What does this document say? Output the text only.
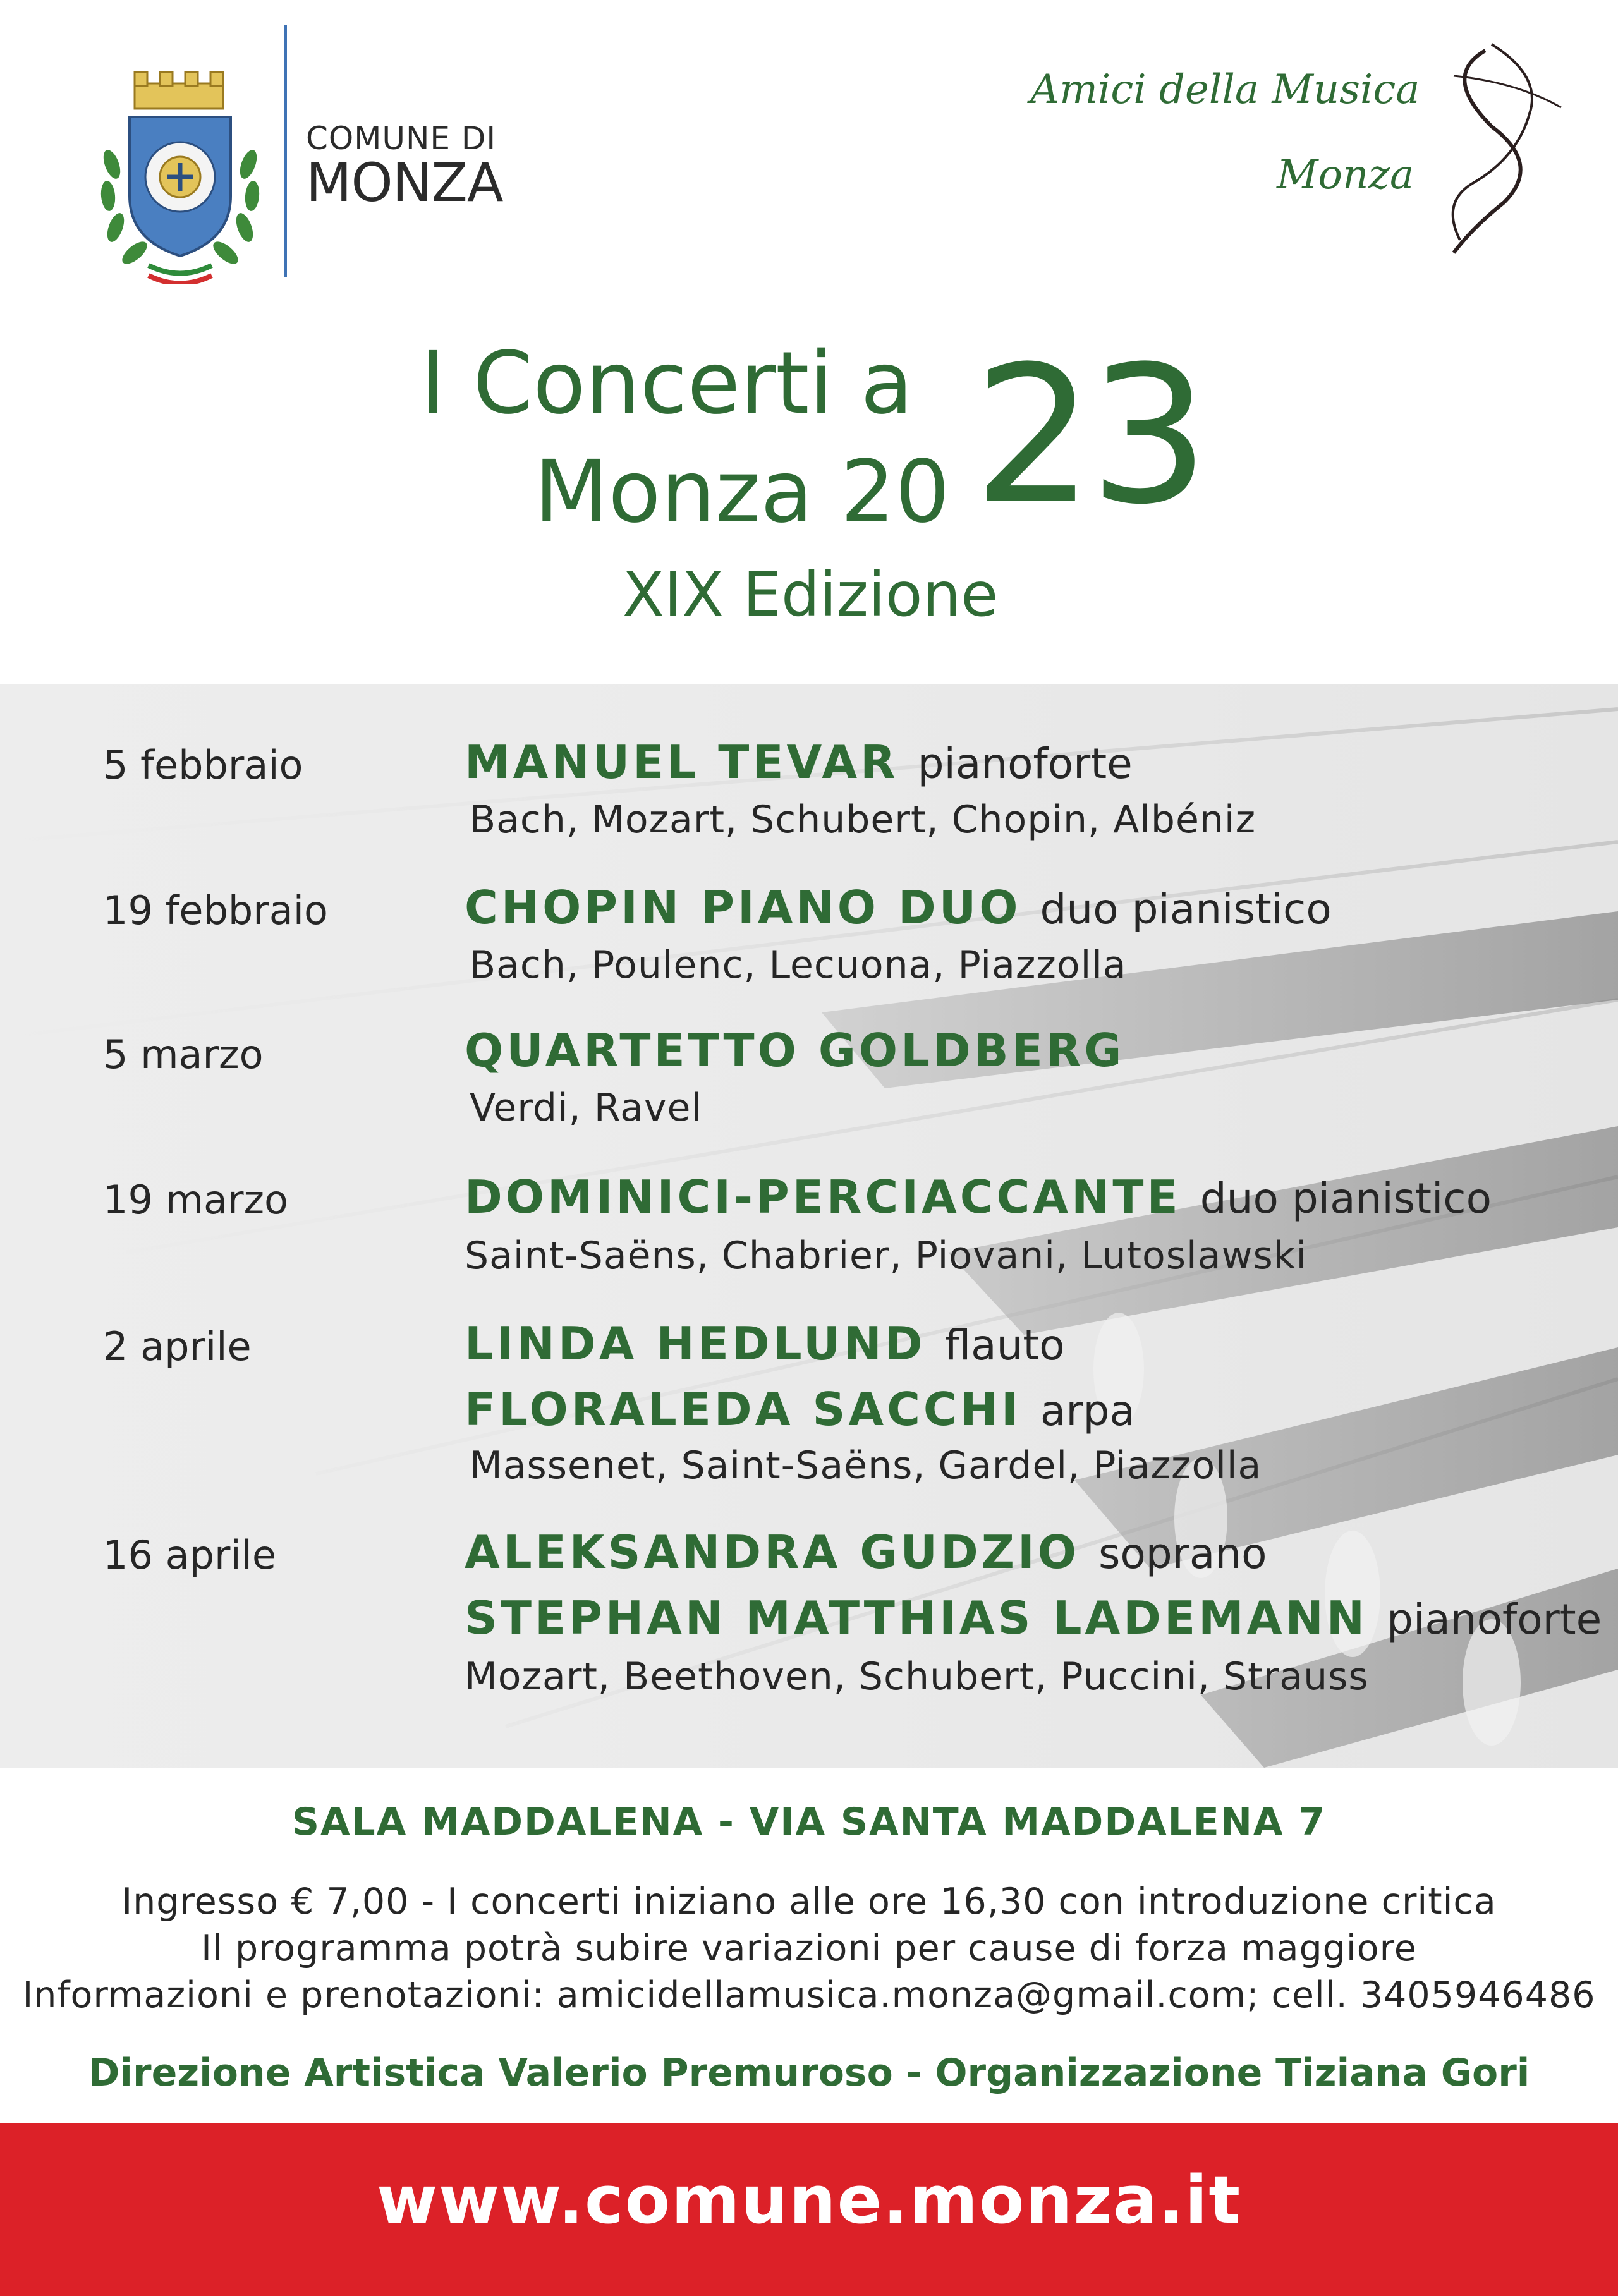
COMUNE DI
MONZA
Amici della Musica
Monza
I Concerti a
Monza 20 23
XIX Edizione
5 febbraio	MANUEL TEVAR pianoforte
Bach, Mozart, Schubert, Chopin, Albéniz
19 febbraio	CHOPIN PIANO DUO duo pianistico
Bach, Poulenc, Lecuona, Piazzolla
5 marzo	QUARTETTO GOLDBERG
Verdi, Ravel
19 marzo	DOMINICI-PERCIACCANTE duo pianistico
Saint-Saëns, Chabrier, Piovani, Lutoslawski
2 aprile	LINDA HEDLUND flauto
FLORALEDA SACCHI arpa
Massenet, Saint-Saëns, Gardel, Piazzolla
16 aprile	ALEKSANDRA GUDZIO soprano
STEPHAN MATTHIAS LADEMANN pianoforte
Mozart, Beethoven, Schubert, Puccini, Strauss
SALA MADDALENA - VIA SANTA MADDALENA 7
Ingresso € 7,00 - I concerti iniziano alle ore 16,30 con introduzione critica
Il programma potrà subire variazioni per cause di forza maggiore
Informazioni e prenotazioni: amicidellamusica.monza@gmail.com; cell. 3405946486
Direzione Artistica Valerio Premuroso - Organizzazione Tiziana Gori
www.comune.monza.it
